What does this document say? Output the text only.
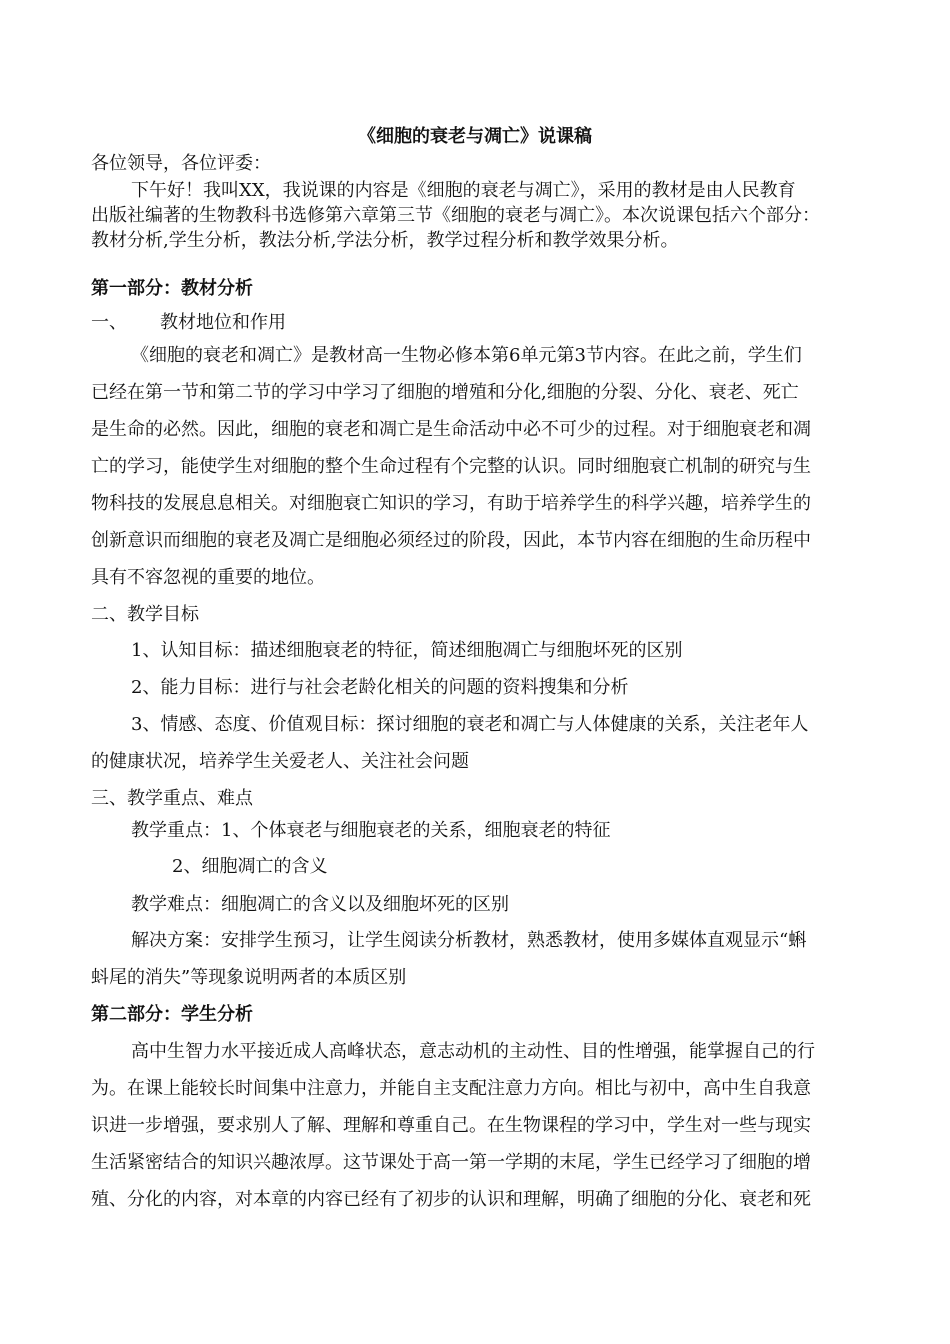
《细胞的衰老与凋亡》说课稿
各位领导，各位评委：
下午好！我叫XX，我说课的内容是《细胞的衰老与凋亡》，采用的教材是由人民教育
出版社编著的生物教科书选修第六章第三节《细胞的衰老与凋亡》。本次说课包括六个部分：
教材分析,学生分析，教法分析,学法分析，教学过程分析和教学效果分析。
第一部分：教材分析
一、 教材地位和作用
《细胞的衰老和凋亡》是教材高一生物必修本第6单元第3节内容。在此之前，学生们
已经在第一节和第二节的学习中学习了细胞的增殖和分化,细胞的分裂、分化、衰老、死亡
是生命的必然。因此，细胞的衰老和凋亡是生命活动中必不可少的过程。对于细胞衰老和凋
亡的学习，能使学生对细胞的整个生命过程有个完整的认识。同时细胞衰亡机制的研究与生
物科技的发展息息相关。对细胞衰亡知识的学习，有助于培养学生的科学兴趣，培养学生的
创新意识而细胞的衰老及凋亡是细胞必须经过的阶段，因此，本节内容在细胞的生命历程中
具有不容忽视的重要的地位。
二、教学目标
1、认知目标：描述细胞衰老的特征，简述细胞凋亡与细胞坏死的区别
2、能力目标：进行与社会老龄化相关的问题的资料搜集和分析
3、情感、态度、价值观目标：探讨细胞的衰老和凋亡与人体健康的关系，关注老年人
的健康状况，培养学生关爱老人、关注社会问题
三、教学重点、难点
教学重点：1、个体衰老与细胞衰老的关系，细胞衰老的特征
2、细胞凋亡的含义
教学难点：细胞凋亡的含义以及细胞坏死的区别
解决方案：安排学生预习，让学生阅读分析教材，熟悉教材，使用多媒体直观显示“蝌
蚪尾的消失”等现象说明两者的本质区别
第二部分：学生分析
高中生智力水平接近成人高峰状态，意志动机的主动性、目的性增强，能掌握自己的行
为。在课上能较长时间集中注意力，并能自主支配注意力方向。相比与初中，高中生自我意
识进一步增强，要求别人了解、理解和尊重自己。在生物课程的学习中，学生对一些与现实
生活紧密结合的知识兴趣浓厚。这节课处于高一第一学期的末尾，学生已经学习了细胞的增
殖、分化的内容，对本章的内容已经有了初步的认识和理解，明确了细胞的分化、衰老和死
